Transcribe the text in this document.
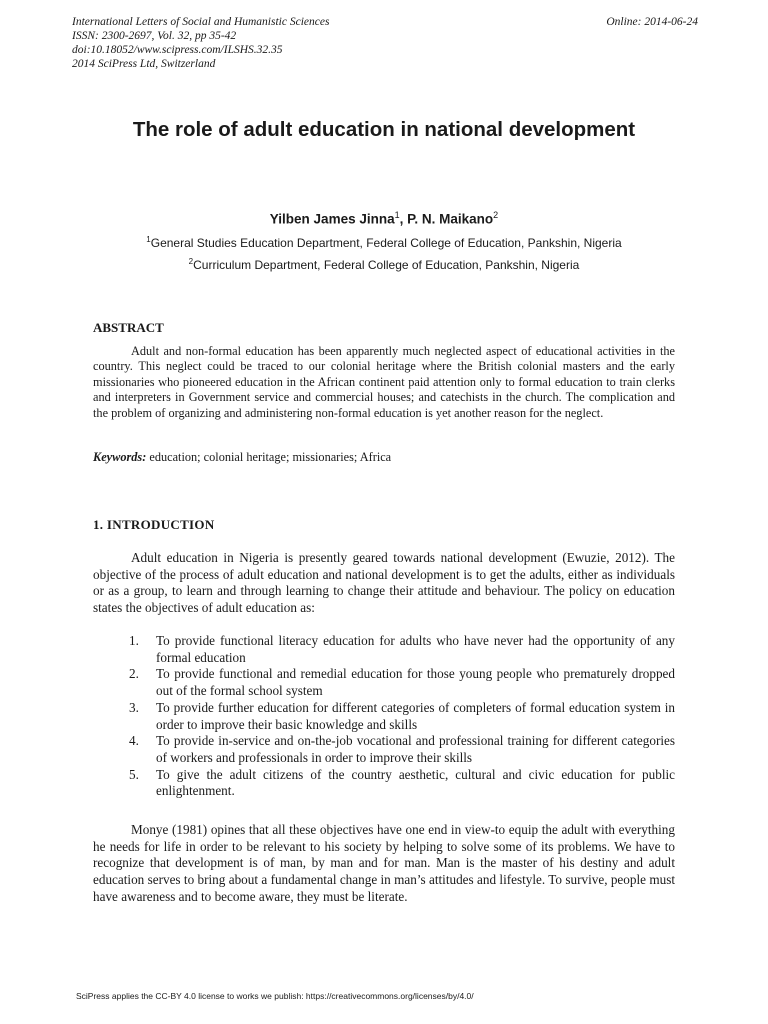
International Letters of Social and Humanistic Sciences
ISSN: 2300-2697, Vol. 32, pp 35-42
doi:10.18052/www.scipress.com/ILSHS.32.35
2014 SciPress Ltd, Switzerland
Online: 2014-06-24
The role of adult education in national development
Yilben James Jinna$^1$, P. N. Maikano$^2$
$^1$General Studies Education Department, Federal College of Education, Pankshin, Nigeria
$^2$Curriculum Department, Federal College of Education, Pankshin, Nigeria
ABSTRACT
Adult and non-formal education has been apparently much neglected aspect of educational activities in the country. This neglect could be traced to our colonial heritage where the British colonial masters and the early missionaries who pioneered education in the African continent paid attention only to formal education to train clerks and interpreters in Government service and commercial houses; and catechists in the church. The complication and the problem of organizing and administering non-formal education is yet another reason for the neglect.
Keywords: education; colonial heritage; missionaries; Africa
1. INTRODUCTION
Adult education in Nigeria is presently geared towards national development (Ewuzie, 2012). The objective of the process of adult education and national development is to get the adults, either as individuals or as a group, to learn and through learning to change their attitude and behaviour. The policy on education states the objectives of adult education as:
1. To provide functional literacy education for adults who have never had the opportunity of any formal education
2. To provide functional and remedial education for those young people who prematurely dropped out of the formal school system
3. To provide further education for different categories of completers of formal education system in order to improve their basic knowledge and skills
4. To provide in-service and on-the-job vocational and professional training for different categories of workers and professionals in order to improve their skills
5. To give the adult citizens of the country aesthetic, cultural and civic education for public enlightenment.
Monye (1981) opines that all these objectives have one end in view-to equip the adult with everything he needs for life in order to be relevant to his society by helping to solve some of its problems. We have to recognize that development is of man, by man and for man. Man is the master of his destiny and adult education serves to bring about a fundamental change in man’s attitudes and lifestyle. To survive, people must have awareness and to become aware, they must be literate.
SciPress applies the CC-BY 4.0 license to works we publish: https://creativecommons.org/licenses/by/4.0/
